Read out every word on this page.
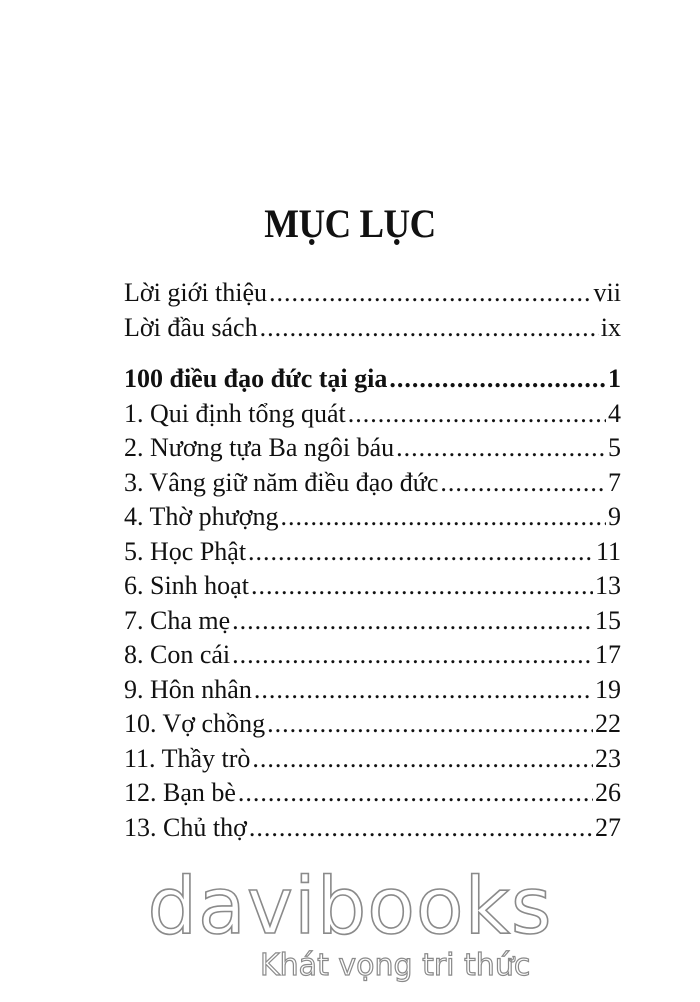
MỤC LỤC
Lời giới thiệu .....	vii
Lời đầu sách .....	ix
100 điều đạo đức tại gia .....	1
1. Qui định tổng quát .....	4
2. Nương tựa Ba ngôi báu .....	5
3. Vâng giữ năm điều đạo đức .....	7
4. Thờ phượng .....	9
5. Học Phật .....	11
6. Sinh hoạt .....	13
7. Cha mẹ .....	15
8. Con cái .....	17
9. Hôn nhân .....	19
10. Vợ chồng .....	22
11. Thầy trò .....	23
12. Bạn bè .....	26
13. Chủ thợ .....	27
davibooks
Khát vọng tri thức
